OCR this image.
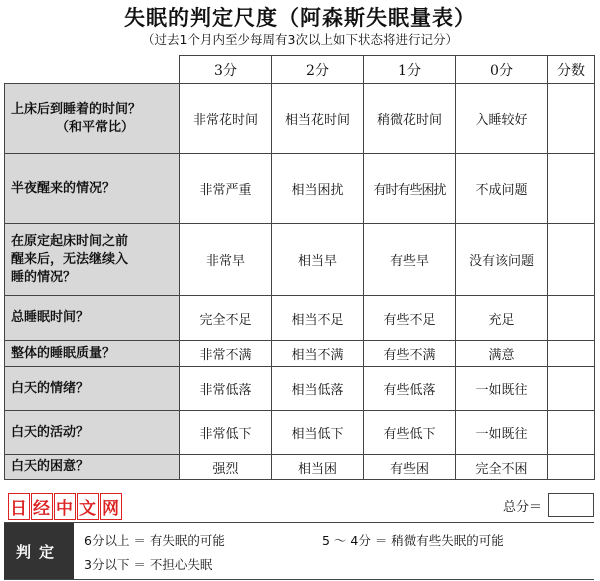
失眠的判定尺度（阿森斯失眠量表）
（过去1个月内至少每周有3次以上如下状态将进行记分）
	3分	2分	1分	0分	分数
上床后到睡着的时间？
（和平常比）	非常花时间	相当花时间	稍微花时间	入睡较好	
半夜醒来的情况？	非常严重	相当困扰	有时有些困扰	不成问题	

在原定起床时间之前
醒来后，无法继续入
睡的情况？	非常早	相当早	有些早	没有该问题	
总睡眠时间？	完全不足	相当不足	有些不足	充足	
整体的睡眠质量？	非常不满	相当不满	有些不满	满意	
白天的情绪？	非常低落	相当低落	有些低落	一如既往	
白天的活动？	非常低下	相当低下	有些低下	一如既往	
白天的困意？	强烈	相当困	有些困	完全不困	
日 经 中 文 网	总分＝
判定
6分以上 ＝ 有失眠的可能	5 ～ 4分 ＝ 稍微有些失眠的可能
3分以下 ＝ 不担心失眠
